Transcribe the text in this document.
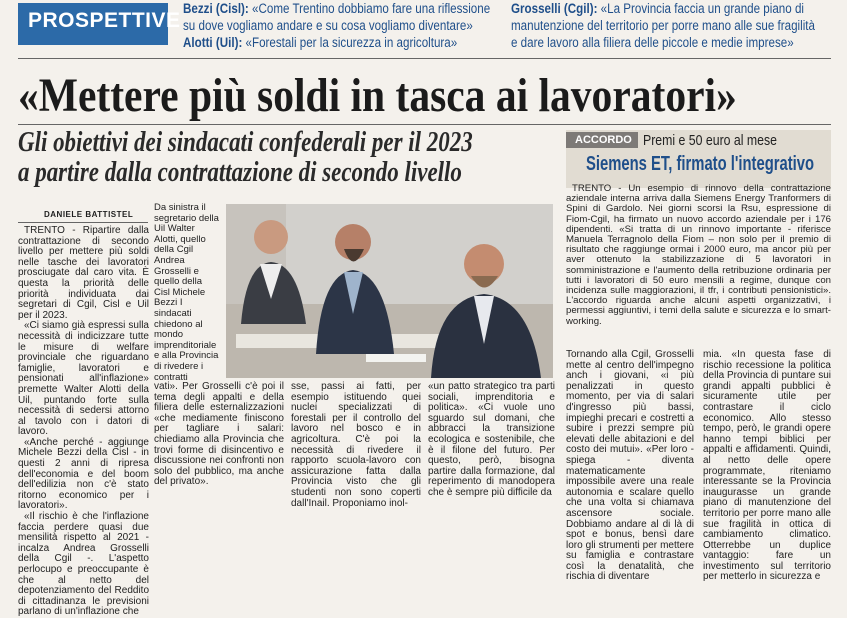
PROSPETTIVE
Bezzi (Cisl): «Come Trentino dobbiamo fare una riflessione
su dove vogliamo andare e su cosa vogliamo diventare»
Alotti (Uil): «Forestali per la sicurezza in agricoltura»
Grosselli (Cgil): «La Provincia faccia un grande piano di
manutenzione del territorio per porre mano alle sue fragilità
e dare lavoro alla filiera delle piccole e medie imprese»
«Mettere più soldi in tasca ai lavoratori»
Gli obiettivi dei sindacati confederali per il 2023
a partire dalla contrattazione di secondo livello
DANIELE BATTISTEL

TRENTO - Ripartire dalla contrattazione di secondo livello per mettere più soldi nelle tasche dei lavoratori prosciugate dal caro vita. È questa la priorità delle priorità individuata dai segretari di Cgil, Cisl e Uil per il 2023.

«Ci siamo già espressi sulla necessità di indicizzare tutte le misure di welfare provinciale che riguardano famiglie, lavoratori e pensionati all'inflazione» premette Walter Alotti della Uil, puntando forte sulla necessità di sedersi attorno al tavolo con i datori di lavoro.

«Anche perché - aggiunge Michele Bezzi della Cisl - in questi 2 anni di ripresa dell'economia e del boom dell'edilizia non c'è stato ritorno economico per i lavoratori».

«Il rischio è che l'inflazione faccia perdere quasi due mensilità rispetto al 2021 - incalza Andrea Grosselli della Cgil -. L'aspetto perlocupo e preoccupante è che al netto del depotenziamento del Reddito di cittadinanza le previsioni parlano di un'inflazione che

Da sinistra il segretario della Uil Walter Alotti, quello della Cgil Andrea Grosselli e quello della Cisl Michele Bezzi I sindacati chiedono al mondo imprenditoriale e alla Provincia di rivedere i contratti

vati». Per Grosselli c'è poi il tema degli appalti e della filiera delle esternalizzazioni «che mediamente finiscono per tagliare i salari: chiediamo alla Provincia che trovi forme di disincentivo e discussione nei confronti non solo del pubblico, ma anche del privato».

sse, passi ai fatti, per esempio istituendo quei nuclei specializzati di forestali per il controllo del lavoro nel bosco e in agricoltura. C'è poi la necessità di rivedere il rapporto scuola-lavoro con assicurazione fatta dalla Provincia visto che gli studenti non sono coperti dall'Inail. Proponiamo inol-

«un patto strategico tra parti sociali, imprenditoria e politica». «Ci vuole uno sguardo sul domani, che abbracci la transizione ecologica e sostenibile, che è il filone del futuro. Per questo, però, bisogna partire dalla formazione, dal reperimento di manodopera che è sempre più difficile da

Tornando alla Cgil, Grosselli mette al centro dell'impegno anch i giovani, «i più penalizzati in questo momento, per via di salari d'ingresso più bassi, impieghi precari e costretti a subire i prezzi sempre più elevati delle abitazioni e del costo dei mutui». «Per loro - spiega - diventa matematicamente impossibile avere una reale autonomia e scalare quello che una volta si chiamava ascensore sociale. Dobbiamo andare al di là di spot e bonus, bensì dare loro gli strumenti per mettere su famiglia e contrastare così la denatalità, che rischia di diventare

mia. «In questa fase di rischio recessione la politica della Provincia di puntare sui grandi appalti pubblici è sicuramente utile per contrastare il ciclo economico. Allo stesso tempo, però, le grandi opere hanno tempi biblici per appalti e affidamenti. Quindi, al netto delle opere programmate, riteniamo interessante se la Provincia inaugurasse un grande piano di manutenzione del territorio per porre mano alle sue fragilità in ottica di cambiamento climatico. Otterrebbe un duplice vantaggio: fare un investimento sul territorio per metterlo in sicurezza e

ACCORDO Premi e 50 euro al mese
Siemens ET, firmato l'integrativo

TRENTO - Un esempio di rinnovo della contrattazione aziendale interna arriva dalla Siemens Energy Tranformers di Spini di Gardolo. Nei giorni scorsi la Rsu, espressione di Fiom-Cgil, ha firmato un nuovo accordo aziendale per i 176 dipendenti. «Si tratta di un rinnovo importante - riferisce Manuela Terragnolo della Fiom – non solo per il premio di risultato che raggiunge ormai i 2000 euro, ma ancor più per aver ottenuto la stabilizzazione di 5 lavoratori in somministrazione e l'aumento della retribuzione ordinaria per tutti i lavoratori di 50 euro mensili a regime, dunque con incidenza sulle maggiorazioni, il tfr, i contributi pensionistici». L'accordo riguarda anche alcuni aspetti organizzativi, i permessi aggiuntivi, i temi della salute e sicurezza e lo smart-working.
